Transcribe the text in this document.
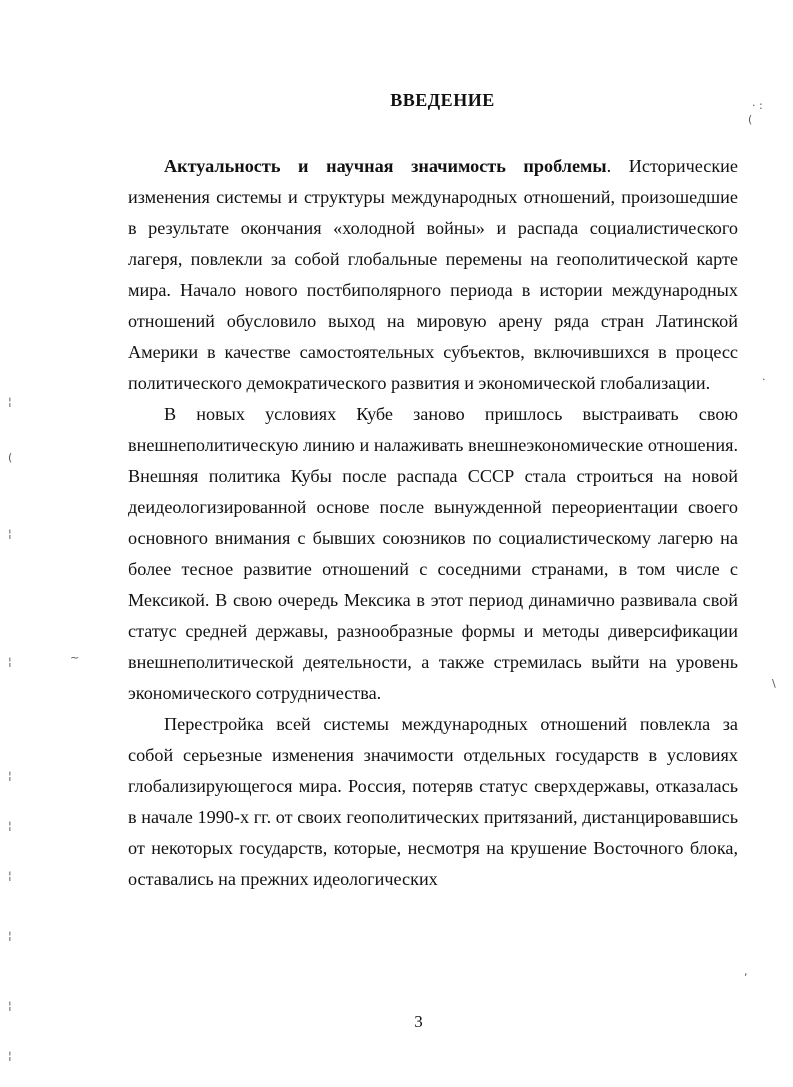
ВВЕДЕНИЕ

Актуальность и научная значимость проблемы. Исторические изменения системы и структуры международных отношений, произошедшие в результате окончания «холодной войны» и распада социалистического лагеря, повлекли за собой глобальные перемены на геополитической карте мира. Начало нового постбиполярного периода в истории международных отношений обусловило выход на мировую арену ряда стран Латинской Америки в качестве самостоятельных субъектов, включившихся в процесс политического демократического развития и экономической глобализации.

В новых условиях Кубе заново пришлось выстраивать свою внешнеполитическую линию и налаживать внешнеэкономические отношения. Внешняя политика Кубы после распада СССР стала строиться на новой деидеологизированной основе после вынужденной переориентации своего основного внимания с бывших союзников по социалистическому лагерю на более тесное развитие отношений с соседними странами, в том числе с Мексикой. В свою очередь Мексика в этот период динамично развивала свой статус средней державы, разнообразные формы и методы диверсификации внешнеполитической деятельности, а также стремилась выйти на уровень экономического сотрудничества.

Перестройка всей системы международных отношений повлекла за собой серьезные изменения значимости отдельных государств в условиях глобализирующегося мира. Россия, потеряв статус сверхдержавы, отказалась в начале 1990-х гг. от своих геополитических притязаний, дистанцировавшись от некоторых государств, которые, несмотря на крушение Восточного блока, оставались на прежних идеологических

3
· :
(
·
¦
(
¦
¦	~
\
¦
¦
¦
¦
,
¦
¦
